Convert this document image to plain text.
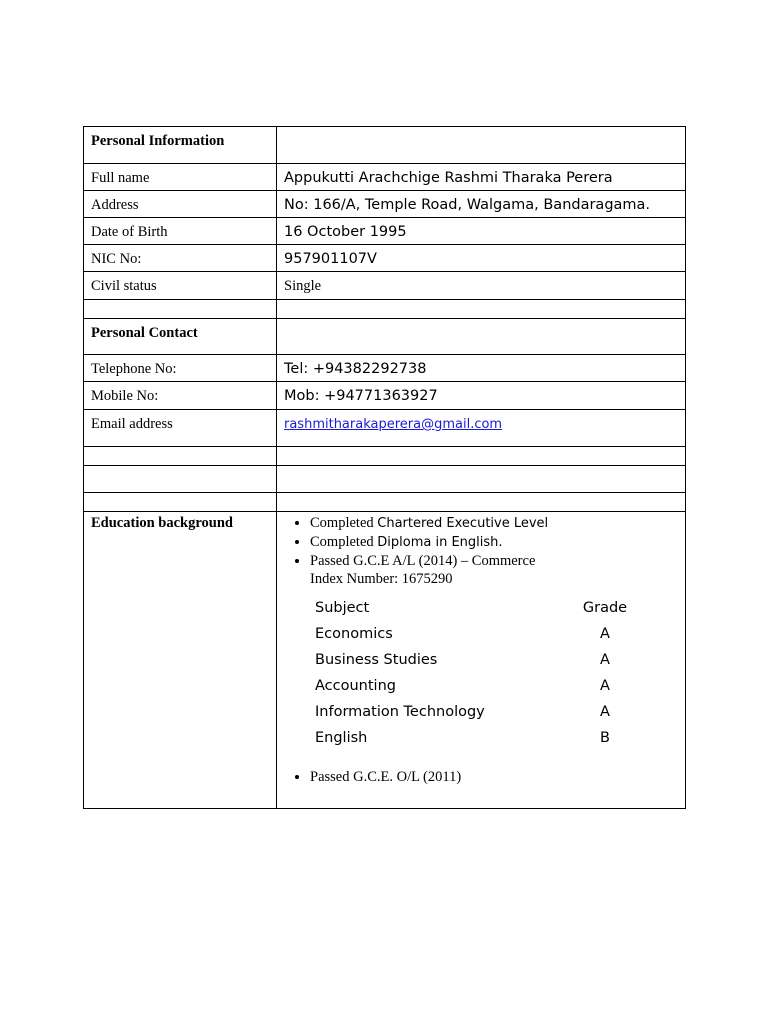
Personal Information	
Full name	Appukutti Arachchige Rashmi Tharaka Perera
Address	No: 166/A, Temple Road, Walgama, Bandaragama.
Date of Birth	16 October 1995
NIC No:	957901107V
Civil status	Single

Personal Contact	
Telephone No:	Tel: +94382292738
Mobile No:	Mob: +94771363927
Email address	rashmitharakaperera@gmail.com

Education background	
•Completed Chartered Executive Level
• Completed Diploma in English.
• Passed G.C.E A/L (2014) – Commerce
Index Number: 1675290
Subject	Grade
Economics	A
Business Studies	A
Accounting	A
Information Technology	A
English	B
• Passed G.C.E. O/L (2011)
